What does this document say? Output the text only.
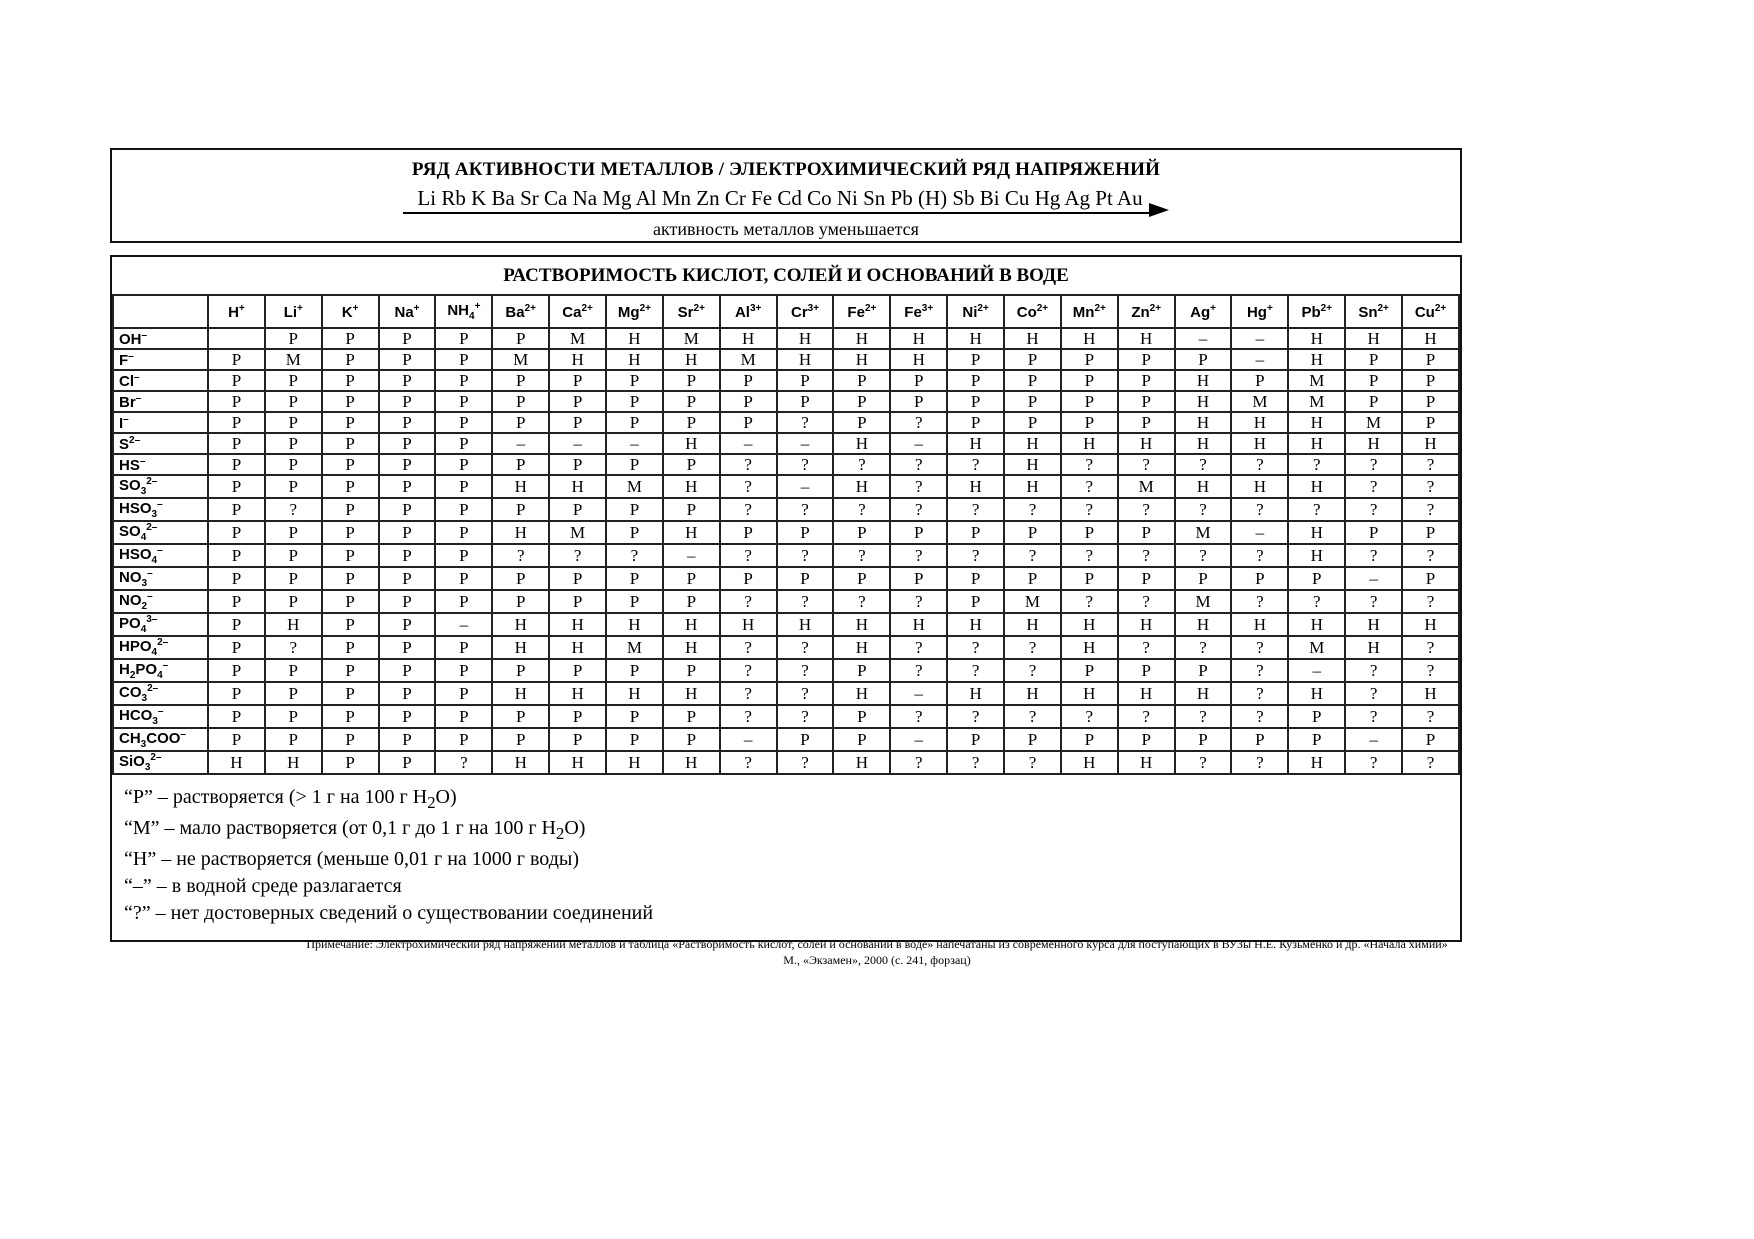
РЯД АКТИВНОСТИ МЕТАЛЛОВ / ЭЛЕКТРОХИМИЧЕСКИЙ РЯД НАПРЯЖЕНИЙ
Li Rb K Ba Sr Ca Na Mg Al Mn Zn Cr Fe Cd Co Ni Sn Pb (H) Sb Bi Cu Hg Ag Pt Au
активность металлов уменьшается
РАСТВОРИМОСТЬ КИСЛОТ, СОЛЕЙ И ОСНОВАНИЙ В ВОДЕ
	H+	Li+	K+	Na+	$NH_4^+$	$Ba^{2+}$	$Ca^{2+}$	$Mg^{2+}$	$Sr^{2+}$	$Al^{3+}$	$Cr^{3+}$	$Fe^{2+}$	$Fe^{3+}$	$Ni^{2+}$	$Co^{2+}$	$Mn^{2+}$	$Zn^{2+}$	Ag+	Hg+	$Pb^{2+}$	$Sn^{2+}$	$Cu^{2+}$
OH–		Р	Р	Р	Р	Р	М	Н	М	Н	Н	Н	Н	Н	Н	Н	Н	–	–	Н	Н	Н
F–	Р	М	Р	Р	Р	М	Н	Н	Н	М	Н	Н	Н	Р	Р	Р	Р	Р	–	Н	Р	Р
Cl–	Р	Р	Р	Р	Р	Р	Р	Р	Р	Р	Р	Р	Р	Р	Р	Р	Р	Н	Р	М	Р	Р
Br–	Р	Р	Р	Р	Р	Р	Р	Р	Р	Р	Р	Р	Р	Р	Р	Р	Р	Н	М	М	Р	Р
I–	Р	Р	Р	Р	Р	Р	Р	Р	Р	Р	?	Р	?	Р	Р	Р	Р	Н	Н	Н	М	Р
$S^{2-}$	Р	Р	Р	Р	Р	–	–	–	Н	–	–	Н	–	Н	Н	Н	Н	Н	Н	Н	Н	Н
HS–	Р	Р	Р	Р	Р	Р	Р	Р	Р	?	?	?	?	?	Н	?	?	?	?	?	?	?
$SO_3^{2-}$	Р	Р	Р	Р	Р	Н	Н	М	Н	?	–	Н	?	Н	Н	?	М	Н	Н	Н	?	?
$HSO_3^-$	Р	?	Р	Р	Р	Р	Р	Р	Р	?	?	?	?	?	?	?	?	?	?	?	?	?
$SO_4^{2-}$	Р	Р	Р	Р	Р	Н	М	Р	Н	Р	Р	Р	Р	Р	Р	Р	Р	М	–	Н	Р	Р
$HSO_4^-$	Р	Р	Р	Р	Р	?	?	?	–	?	?	?	?	?	?	?	?	?	?	Н	?	?
$NO_3^-$	Р	Р	Р	Р	Р	Р	Р	Р	Р	Р	Р	Р	Р	Р	Р	Р	Р	Р	Р	Р	–	Р
$NO_2^-$	Р	Р	Р	Р	Р	Р	Р	Р	Р	?	?	?	?	Р	М	?	?	М	?	?	?	?
$PO_4^{3-}$	Р	Н	Р	Р	–	Н	Н	Н	Н	Н	Н	Н	Н	Н	Н	Н	Н	Н	Н	Н	Н	Н
$HPO_4^{2-}$	Р	?	Р	Р	Р	Н	Н	М	Н	?	?	Н	?	?	?	Н	?	?	?	М	Н	?
$H_2PO_4^-$	Р	Р	Р	Р	Р	Р	Р	Р	Р	?	?	Р	?	?	?	Р	Р	Р	?	–	?	?
$CO_3^{2-}$	Р	Р	Р	Р	Р	Н	Н	Н	Н	?	?	Н	–	Н	Н	Н	Н	Н	?	Н	?	Н
$HCO_3^-$	Р	Р	Р	Р	Р	Р	Р	Р	Р	?	?	Р	?	?	?	?	?	?	?	Р	?	?
$CH_3COO^-$	Р	Р	Р	Р	Р	Р	Р	Р	Р	–	Р	Р	–	Р	Р	Р	Р	Р	Р	Р	–	Р
SiO$_3^{2-}$	Н	Н	Р	Р	?	Н	Н	Н	Н	?	?	Н	?	?	?	Н	Н	?	?	Н	?	?
“Р” – растворяется (> 1 г на 100 г $H_2O$)
“М” – мало растворяется (от 0,1 г до 1 г на 100 г $H_2O$)
“Н” – не растворяется (меньше 0,01 г на 1000 г воды)
“–” – в водной среде разлагается
“?” – нет достоверных сведений о существовании соединений
Примечание: Электрохимический ряд напряжений металлов и таблица «Растворимость кислот, солей и оснований в воде» напечатаны из современного курса для поступающих в ВУЗы Н.Е. Кузьменко и др. «Начала химии»
М., «Экзамен», 2000 (с. 241, форзац)
